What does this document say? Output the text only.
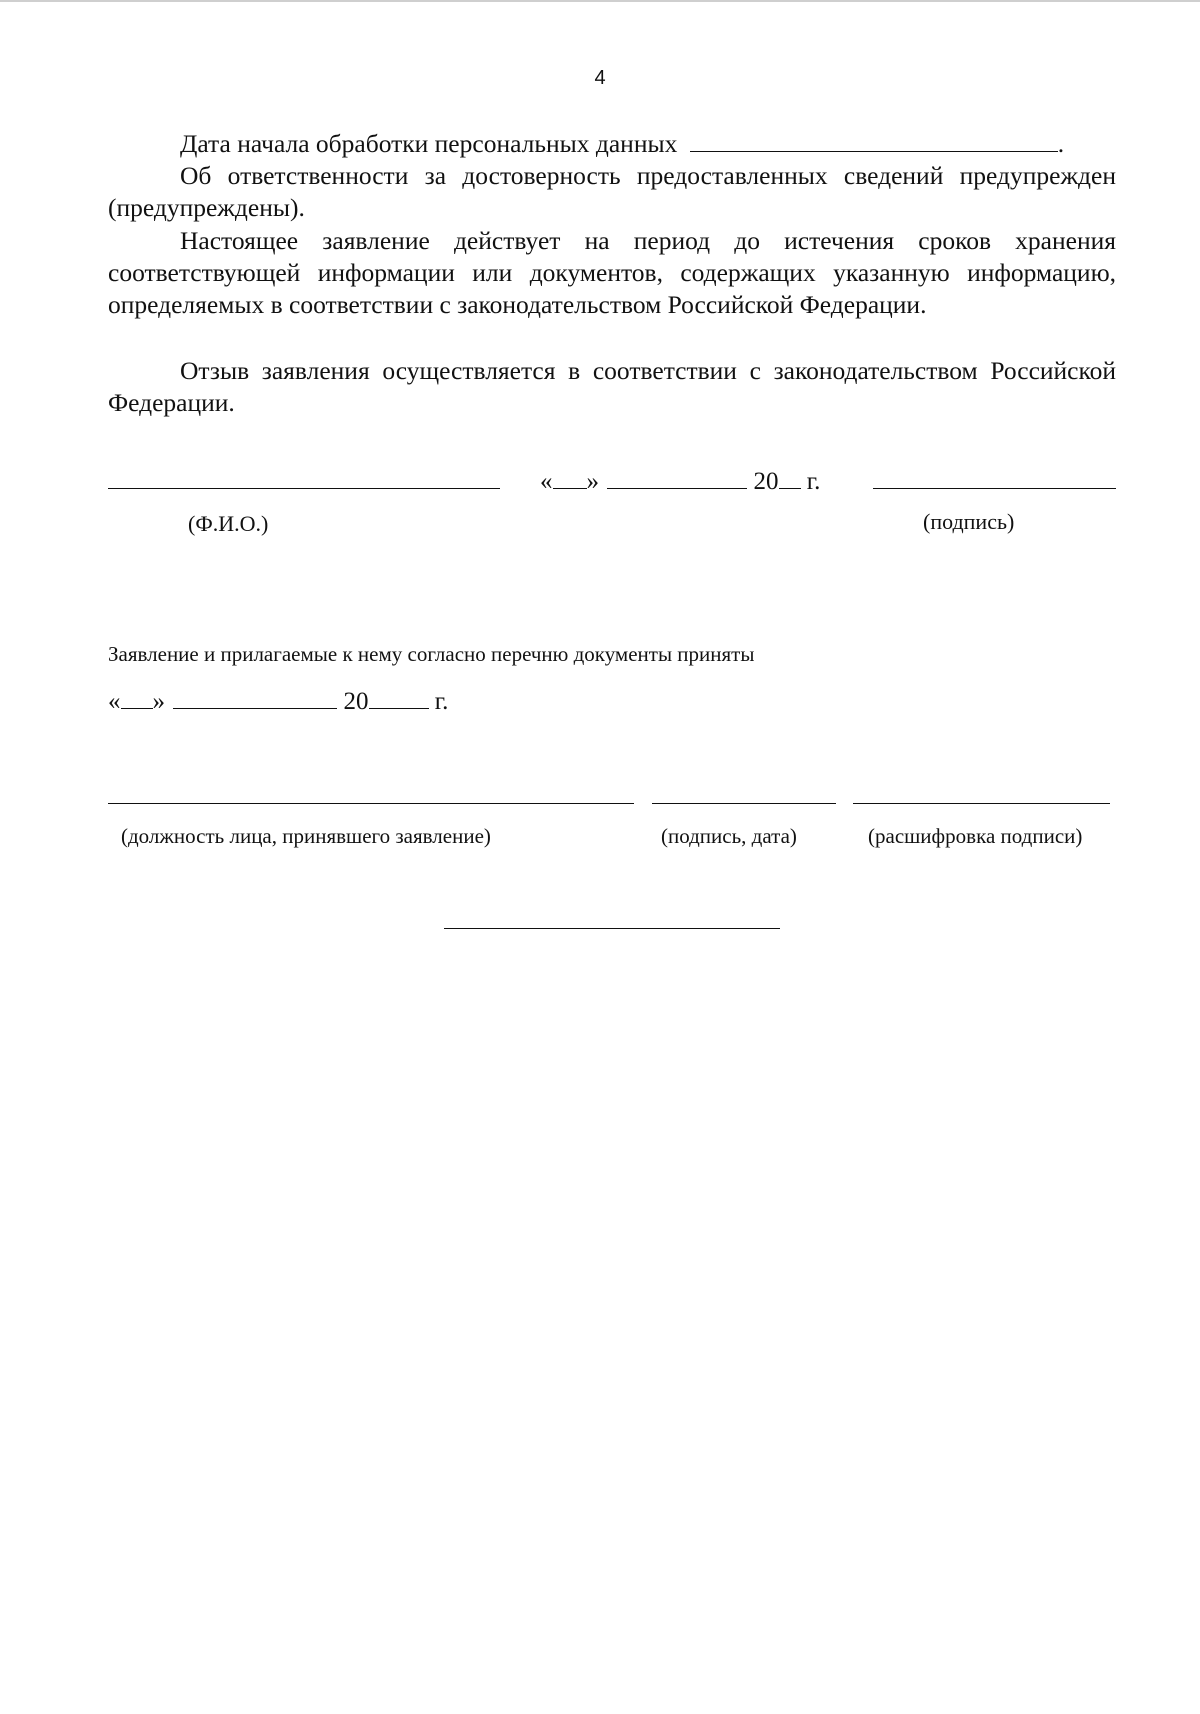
4
Дата начала обработки персональных данных	.

Об ответственности за достоверность предоставленных сведений предупрежден (предупреждены).

Настоящее заявление действует на период до истечения сроков хранения соответствующей информации или документов, содержащих указанную информацию, определяемых в соответствии с законодательством Российской Федерации.

Отзыв заявления осуществляется в соответствии с законодательством Российской Федерации.

« »	20 г.
(Ф.И.О.)	(подпись)
Заявление и прилагаемые к нему согласно перечню документы приняты
« »	20	г.
(должность лица, принявшего заявление)	(подпись, дата)	(расшифровка подписи)
